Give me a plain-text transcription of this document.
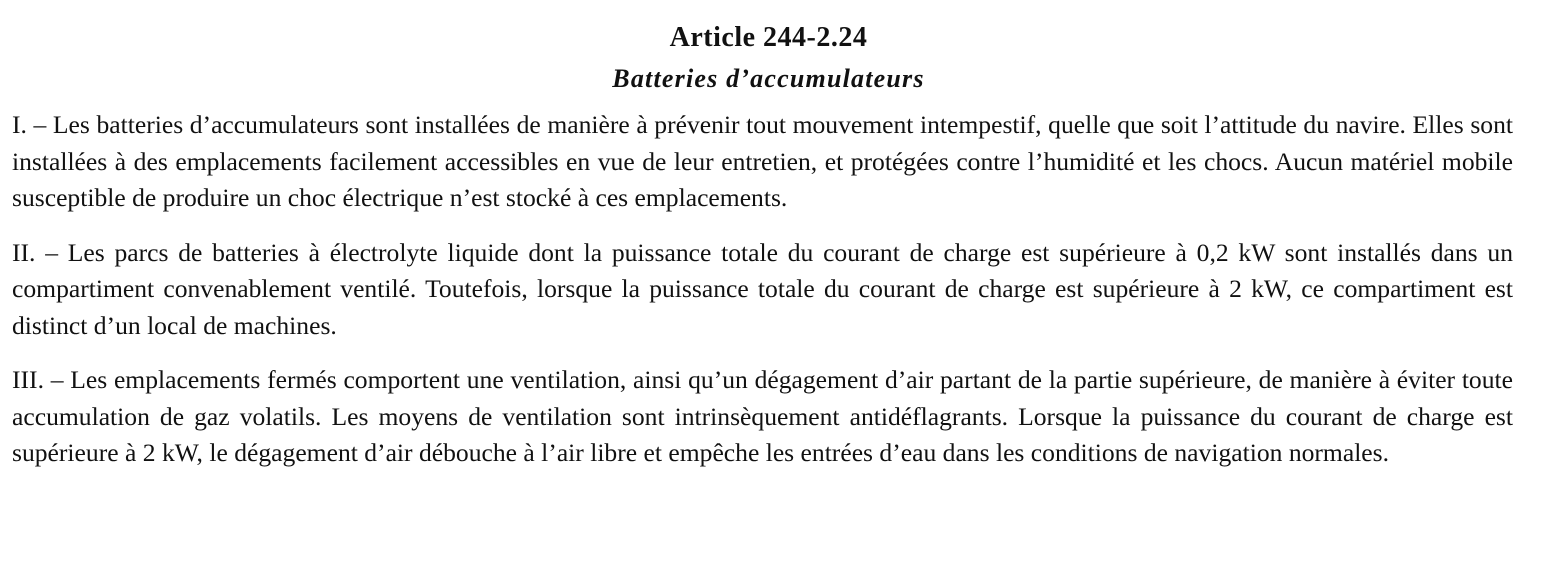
Article 244-2.24
Batteries d’accumulateurs

I. – Les batteries d’accumulateurs sont installées de manière à prévenir tout mouvement intempestif, quelle que soit l’attitude du navire. Elles sont installées à des emplacements facilement accessibles en vue de leur entretien, et protégées contre l’humidité et les chocs. Aucun matériel mobile susceptible de produire un choc électrique n’est stocké à ces emplacements.

II. – Les parcs de batteries à électrolyte liquide dont la puissance totale du courant de charge est supérieure à 0,2 kW sont installés dans un compartiment convenablement ventilé. Toutefois, lorsque la puissance totale du courant de charge est supérieure à 2 kW, ce compartiment est distinct d’un local de machines.

III. – Les emplacements fermés comportent une ventilation, ainsi qu’un dégagement d’air partant de la partie supérieure, de manière à éviter toute accumulation de gaz volatils. Les moyens de ventilation sont intrinsèquement antidéflagrants. Lorsque la puissance du courant de charge est supérieure à 2 kW, le dégagement d’air débouche à l’air libre et empêche les entrées d’eau dans les conditions de navigation normales.
